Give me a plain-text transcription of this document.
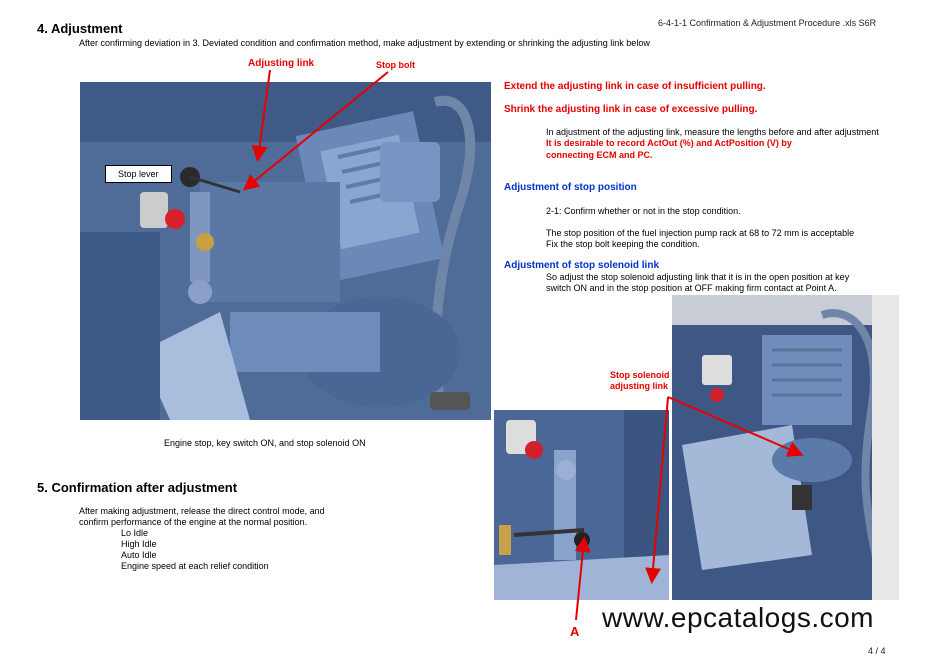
4. Adjustment	6-4-1-1 Confirmation & Adjustment Procedure .xls S6R
After confirming deviation in 3. Deviated condition and confirmation method, make adjustment by extending or shrinking the adjusting link below
Adjusting link	Stop bolt
Stop lever
Engine stop, key switch ON, and stop solenoid ON
Extend the adjusting link in case of insufficient pulling.
Shrink the adjusting link in case of excessive pulling.
In adjustment of the adjusting link, measure the lengths before and after adjustment
It is desirable to record ActOut (%) and ActPosition (V) by
connecting ECM and PC.
Adjustment of stop position
2-1: Confirm whether or not in the stop condition.
The stop position of the fuel injection pump rack at 68 to 72 mm is acceptable
Fix the stop bolt keeping the condition.
Adjustment of stop solenoid link
So adjust the stop solenoid adjusting link that it is in the open position at key
switch ON and in the stop position at OFF making firm contact at Point A.
Stop solenoid
adjusting link
A
5. Confirmation after adjustment
After making adjustment, release the direct control mode, and
confirm performance of the engine at the normal position.
Lo Idle
High Idle
Auto Idle
Engine speed at each relief condition
www.epcatalogs.com
4 / 4
